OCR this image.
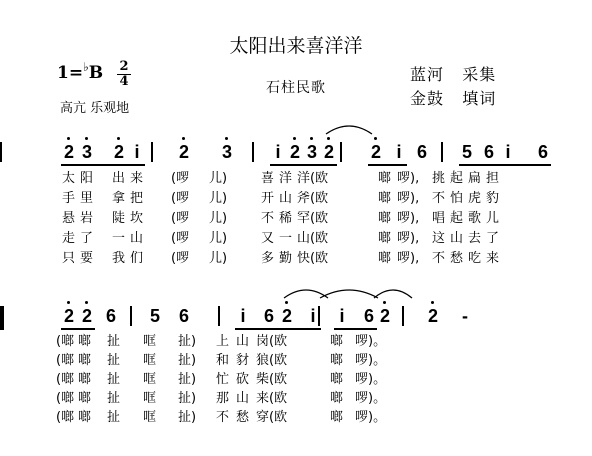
太阳出来喜洋洋
1=♭B 2
4	石柱民歌
蓝河 采集
金鼓 填词
高亢 乐观地
2 3 2 i 2 3 i 2 3 2 2 i 6 5 6 i 6
太 阳 出 来 (啰 儿)	喜 洋 洋(欧	啷 啰), 挑 起 扁 担
手 里 拿 把 (啰 儿)	开 山 斧(欧	啷 啰), 不 怕 虎 豹
悬 岩 陡 坎 (啰 儿)	不 稀 罕(欧	啷 啰), 唱 起 歌 儿
走 了 一 山 (啰 儿)	又 一 山(欧	啷 啰), 这 山 去 了
只 要 我 们 (啰 儿)	多 勤 快(欧	啷 啰), 不 愁 吃 来
2 2 6 5 6	i 6 2 i i 6 2 2 -
(啷 啷 扯 哐 扯) 上 山 岗(欧	啷 啰)。
(啷 啷 扯 哐 扯) 和 豺 狼(欧	啷 啰)。
(啷 啷 扯 哐 扯) 忙 砍 柴(欧	啷 啰)。
(啷 啷 扯 哐 扯) 那 山 来(欧	啷 啰)。
(啷 啷 扯 哐 扯) 不 愁 穿(欧	啷 啰)。
